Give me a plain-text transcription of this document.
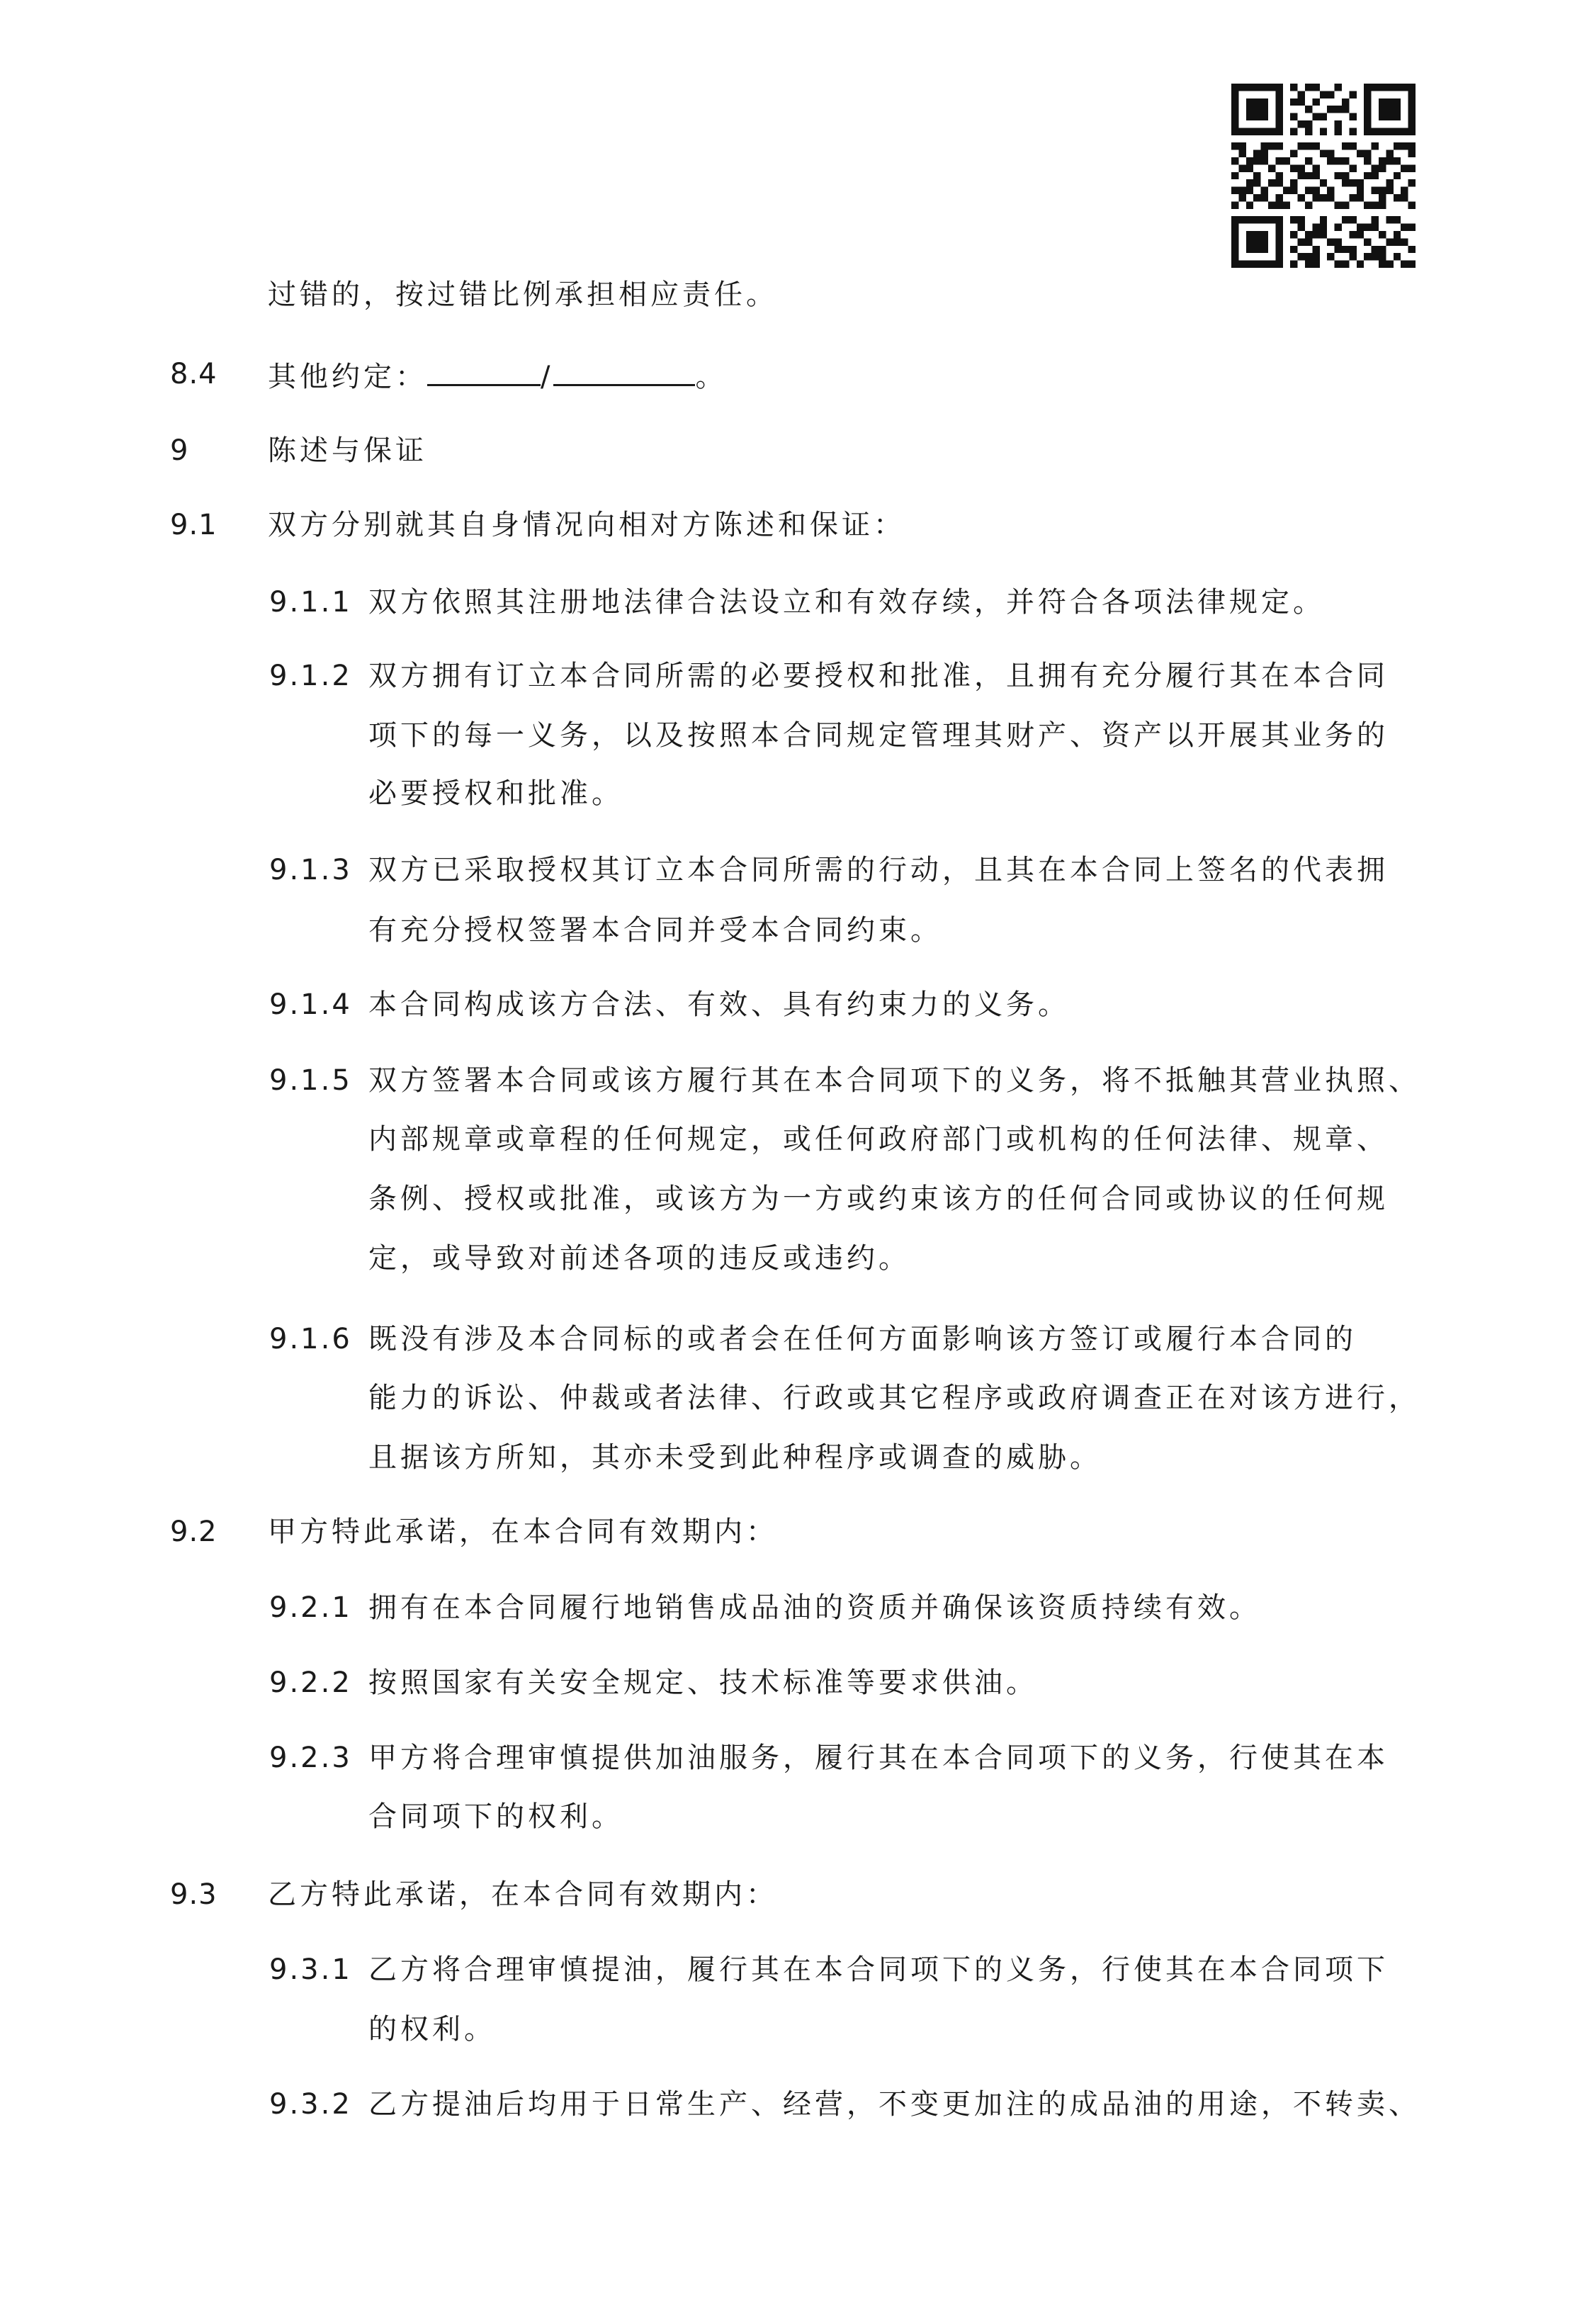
过错的，按过错比例承担相应责任。
8.4 其他约定：	/	。
9	陈述与保证
9.1 双方分别就其自身情况向相对方陈述和保证：
9.1.1 双方依照其注册地法律合法设立和有效存续，并符合各项法律规定。
9.1.2 双方拥有订立本合同所需的必要授权和批准，且拥有充分履行其在本合同
项下的每一义务，以及按照本合同规定管理其财产、资产以开展其业务的
必要授权和批准。
9.1.3 双方已采取授权其订立本合同所需的行动，且其在本合同上签名的代表拥
有充分授权签署本合同并受本合同约束。
9.1.4 本合同构成该方合法、有效、具有约束力的义务。
9.1.5 双方签署本合同或该方履行其在本合同项下的义务，将不抵触其营业执照、
内部规章或章程的任何规定，或任何政府部门或机构的任何法律、规章、
条例、授权或批准，或该方为一方或约束该方的任何合同或协议的任何规
定，或导致对前述各项的违反或违约。
9.1.6 既没有涉及本合同标的或者会在任何方面影响该方签订或履行本合同的
能力的诉讼、仲裁或者法律、行政或其它程序或政府调查正在对该方进行，
且据该方所知，其亦未受到此种程序或调查的威胁。
9.2 甲方特此承诺，在本合同有效期内：
9.2.1 拥有在本合同履行地销售成品油的资质并确保该资质持续有效。
9.2.2 按照国家有关安全规定、技术标准等要求供油。
9.2.3 甲方将合理审慎提供加油服务，履行其在本合同项下的义务，行使其在本
合同项下的权利。
9.3 乙方特此承诺，在本合同有效期内：
9.3.1 乙方将合理审慎提油，履行其在本合同项下的义务，行使其在本合同项下
的权利。
9.3.2 乙方提油后均用于日常生产、经营，不变更加注的成品油的用途，不转卖、
